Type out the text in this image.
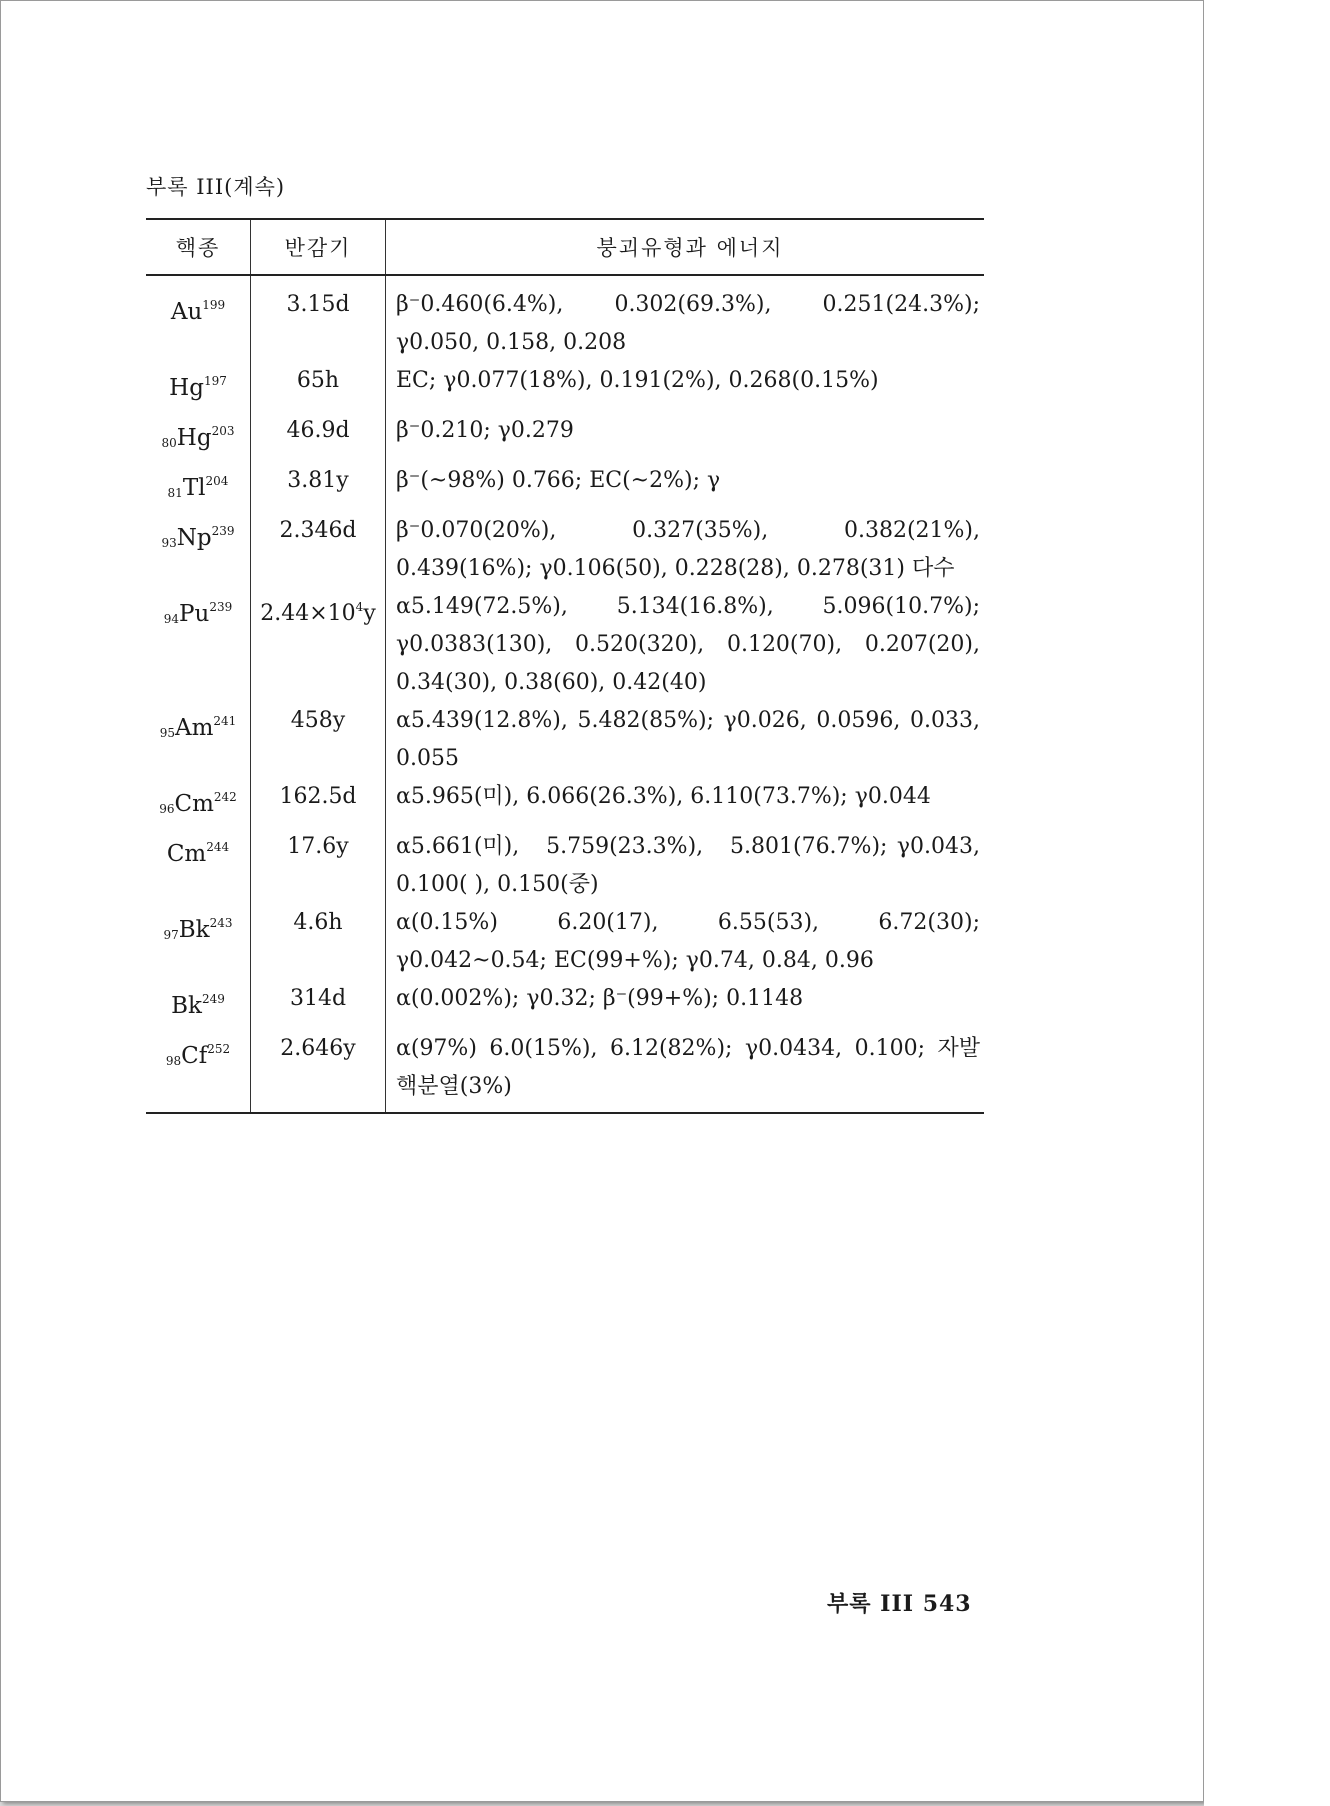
부록 III(계속)
핵종	반감기	붕괴유형과 에너지
Au$^{199}$	3.15d	β⁻0.460(6.4%),　0.302(69.3%),　0.251(24.3%);
γ0.050, 0.158, 0.208

Hg$^{197}$	65h	EC; γ0.077(18%), 0.191(2%), 0.268(0.15%)

$_{80}Hg^{203}$	46.9d	β⁻0.210; γ0.279

$_{81}Tl^{204}$	3.81y	β⁻(~98%) 0.766; EC(~2%); γ

$_{93}Np^{239}$	2.346d	β⁻0.070(20%),　0.327(35%),　0.382(21%),
0.439(16%); γ0.106(50), 0.228(28), 0.278(31) 다수

$_{94}Pu^{239}$	$2.44\times 10^4y$	α5.149(72.5%),　5.134(16.8%),　5.096(10.7%);
γ0.0383(130),　0.520(320),　0.120(70),　0.207(20),
0.34(30), 0.38(60), 0.42(40)

$_{95}Am^{241}$	458y	α5.439(12.8%), 5.482(85%); γ0.026, 0.0596, 0.033,
0.055

$_{96}Cm^{242}$	162.5d	α5.965(미), 6.066(26.3%), 6.110(73.7%); γ0.044

Cm$^{244}$	17.6y	α5.661(미),　5.759(23.3%),　5.801(76.7%); γ0.043,
0.100( ), 0.150(중)

$_{97}Bk^{243}$	4.6h	α(0.15%)　6.20(17),　6.55(53),　6.72(30);
γ0.042~0.54; EC(99+%); γ0.74, 0.84, 0.96

Bk$^{249}$	314d	α(0.002%); γ0.32; β⁻(99+%); 0.1148

$_{98}Cf^{252}$	2.646y	α(97%) 6.0(15%), 6.12(82%); γ0.0434, 0.100; 자발
핵분열(3%)
부록 III 543
